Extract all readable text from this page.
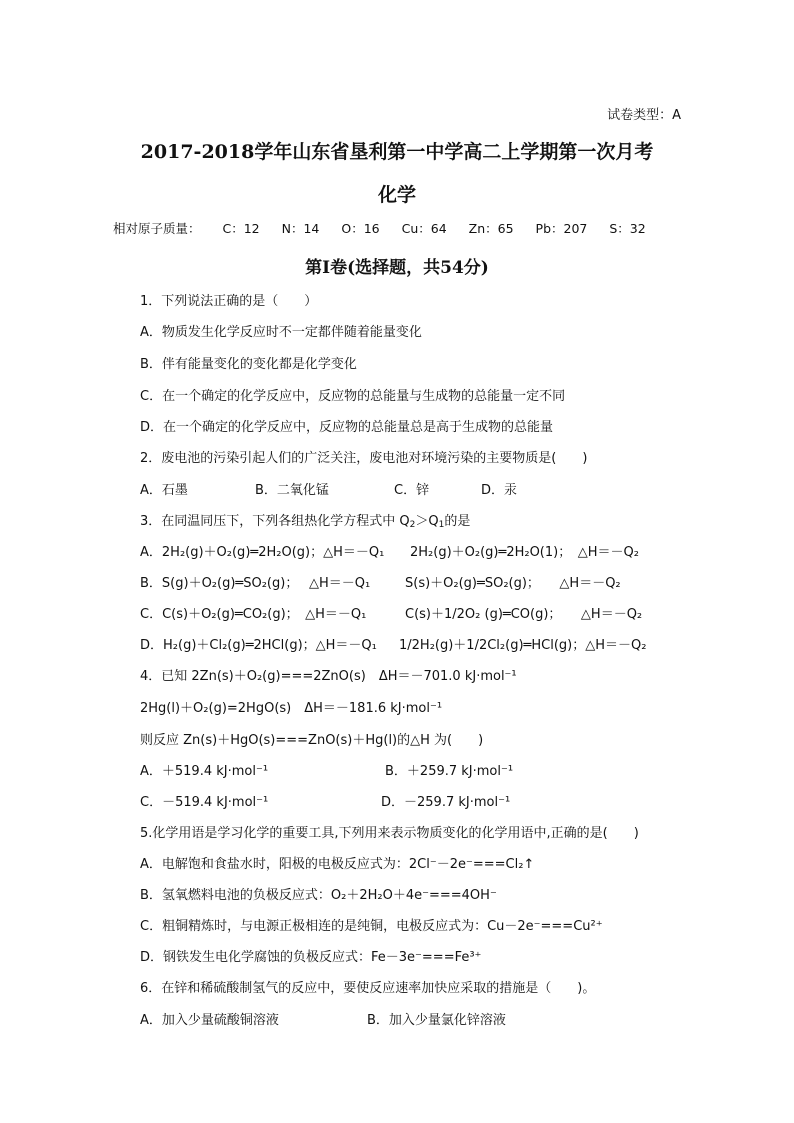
试卷类型：A
2017-2018学年山东省垦利第一中学高二上学期第一次月考
化学
相对原子质量： C：12 N：14 O：16 Cu：64 Zn：65 Pb：207 S：32
第Ⅰ卷(选择题，共54分)
1．下列说法正确的是（　　）
A．物质发生化学反应时不一定都伴随着能量变化
B．伴有能量变化的变化都是化学变化
C．在一个确定的化学反应中，反应物的总能量与生成物的总能量一定不同
D．在一个确定的化学反应中，反应物的总能量总是高于生成物的总能量
2．废电池的污染引起人们的广泛关注，废电池对环境污染的主要物质是(　　)
A．石墨	B．二氧化锰	C．锌	D．汞
3．在同温同压下，下列各组热化学方程式中 $Q_2>Q_1$的是
A．2H₂(g)＋O₂(g)═2H₂O(g)；△H＝－Q₁ 2H₂(g)＋O₂(g)═2H₂O(1)；　△H＝－Q₂
B．S(g)＋O₂(g)═SO₂(g)；　 △H＝－Q₁	S(s)＋O₂(g)═SO₂(g)；　　△H＝－Q₂
C．C(s)＋O₂(g)═CO₂(g)；　△H＝－Q₁	C(s)＋1/2O₂ (g)═CO(g)；　　△H＝－Q₂
D．H₂(g)＋Cl₂(g)═2HCl(g)；△H＝－Q₁ 1/2H₂(g)＋1/2Cl₂(g)═HCl(g)；△H＝－Q₂
4．已知 2Zn(s)＋O₂(g)===2ZnO(s)　ΔH＝－701.0 kJ·mol⁻¹
2Hg(l)＋O₂(g)=2HgO(s)　ΔH＝－181.6 kJ·mol⁻¹
则反应 Zn(s)＋HgO(s)===ZnO(s)＋Hg(l)的△H 为(　　)
A．＋519.4 kJ·mol⁻¹	B．＋259.7 kJ·mol⁻¹
C．－519.4 kJ·mol⁻¹	D．－259.7 kJ·mol⁻¹
5.化学用语是学习化学的重要工具,下列用来表示物质变化的化学用语中,正确的是(　　)
A．电解饱和食盐水时，阳极的电极反应式为：2Cl⁻－2e⁻===Cl₂↑
B．氢氧燃料电池的负极反应式：O₂＋2H₂O＋4e⁻===4OH⁻
C．粗铜精炼时，与电源正极相连的是纯铜，电极反应式为：Cu－2e⁻===Cu²⁺
D．钢铁发生电化学腐蚀的负极反应式：Fe－3e⁻===Fe³⁺
6．在锌和稀硫酸制氢气的反应中，要使反应速率加快应采取的措施是（　　)。
A．加入少量硫酸铜溶液	B．加入少量氯化锌溶液
